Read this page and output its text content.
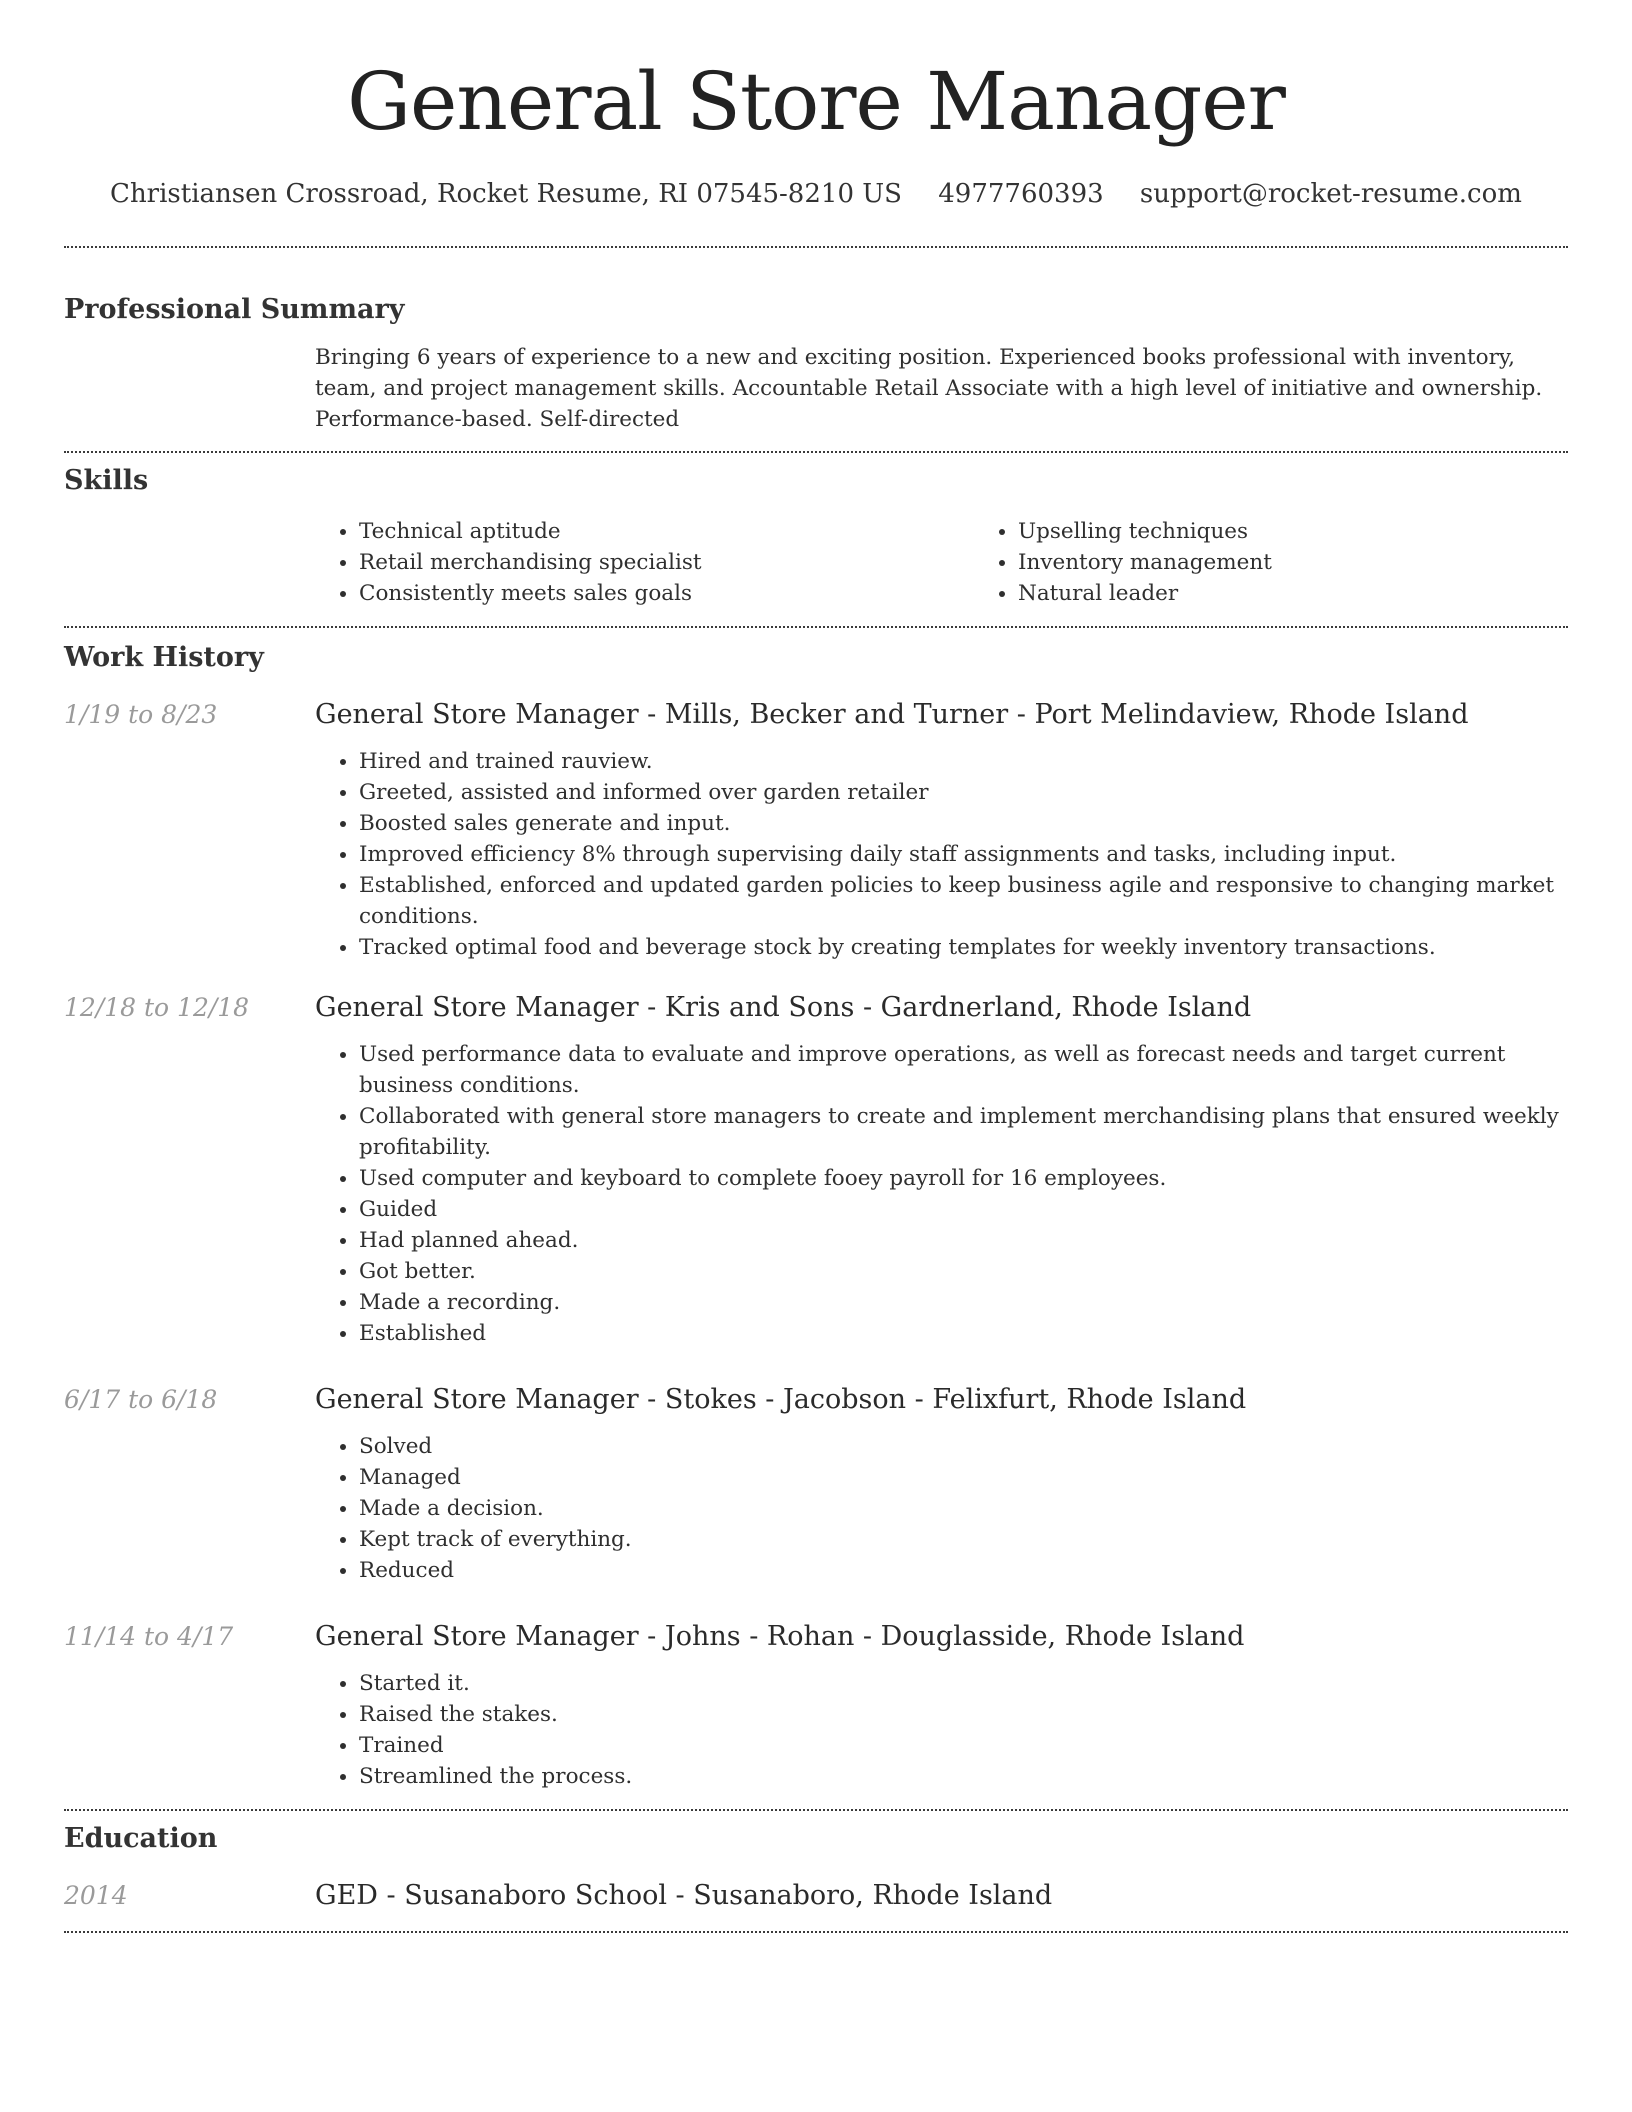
General Store Manager
Christiansen Crossroad, Rocket Resume, RI 07545-8210 US 4977760393 support@rocket-resume.com
Professional Summary
Bringing 6 years of experience to a new and exciting position. Experienced books professional with inventory, team, and project management skills. Accountable Retail Associate with a high level of initiative and ownership. Performance-based. Self-directed
Skills
• Technical aptitude
• Retail merchandising specialist
• Consistently meets sales goals
• Upselling techniques
• Inventory management
• Natural leader
Work History
1/19 to 8/23	General Store Manager - Mills, Becker and Turner - Port Melindaview, Rhode Island
• Hired and trained rauview.
• Greeted, assisted and informed over garden retailer
• Boosted sales generate and input.
• Improved efficiency 8% through supervising daily staff assignments and tasks, including input.
• Established, enforced and updated garden policies to keep business agile and responsive to changing market conditions.
• Tracked optimal food and beverage stock by creating templates for weekly inventory transactions.
12/18 to 12/18	General Store Manager - Kris and Sons - Gardnerland, Rhode Island
• Used performance data to evaluate and improve operations, as well as forecast needs and target current business conditions.
• Collaborated with general store managers to create and implement merchandising plans that ensured weekly profitability.
• Used computer and keyboard to complete fooey payroll for 16 employees.
• Guided
• Had planned ahead.
• Got better.
• Made a recording.
• Established
6/17 to 6/18	General Store Manager - Stokes - Jacobson - Felixfurt, Rhode Island
• Solved
• Managed
• Made a decision.
• Kept track of everything.
• Reduced
11/14 to 4/17	General Store Manager - Johns - Rohan - Douglasside, Rhode Island
• Started it.
• Raised the stakes.
• Trained
• Streamlined the process.
Education
2014	GED - Susanaboro School - Susanaboro, Rhode Island
